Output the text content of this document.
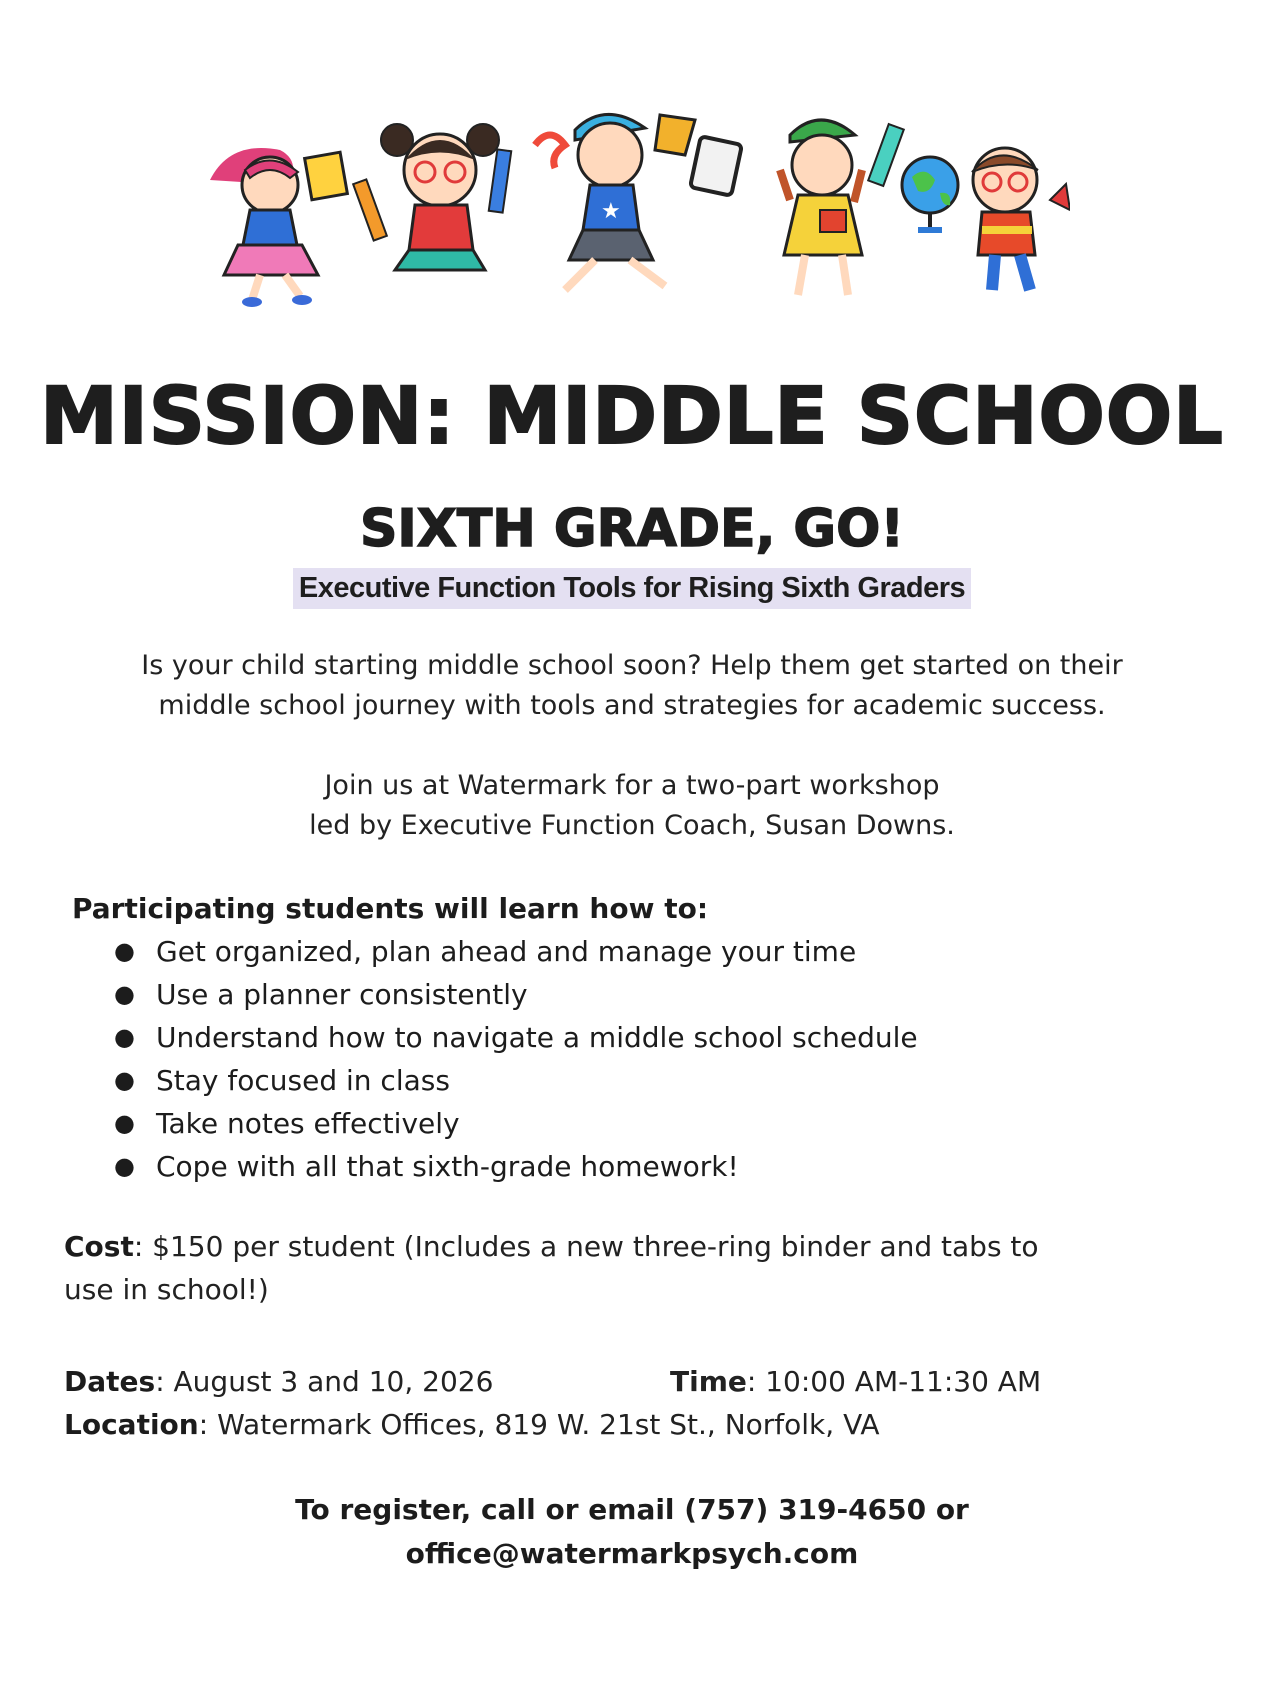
★
MISSION: MIDDLE SCHOOL
SIXTH GRADE, GO!
Executive Function Tools for Rising Sixth Graders
Is your child starting middle school soon? Help them get started on their
middle school journey with tools and strategies for academic success.
Join us at Watermark for a two-part workshop
led by Executive Function Coach, Susan Downs.
Participating students will learn how to:
● Get organized, plan ahead and manage your time
● Use a planner consistently
● Understand how to navigate a middle school schedule
● Stay focused in class
● Take notes effectively
● Cope with all that sixth-grade homework!
Cost: $150 per student (Includes a new three-ring binder and tabs to
use in school!)
Dates: August 3 and 10, 2026	Time: 10:00 AM-11:30 AM
Location: Watermark Offices, 819 W. 21st St., Norfolk, VA
To register, call or email (757) 319-4650 or
office@watermarkpsych.com
